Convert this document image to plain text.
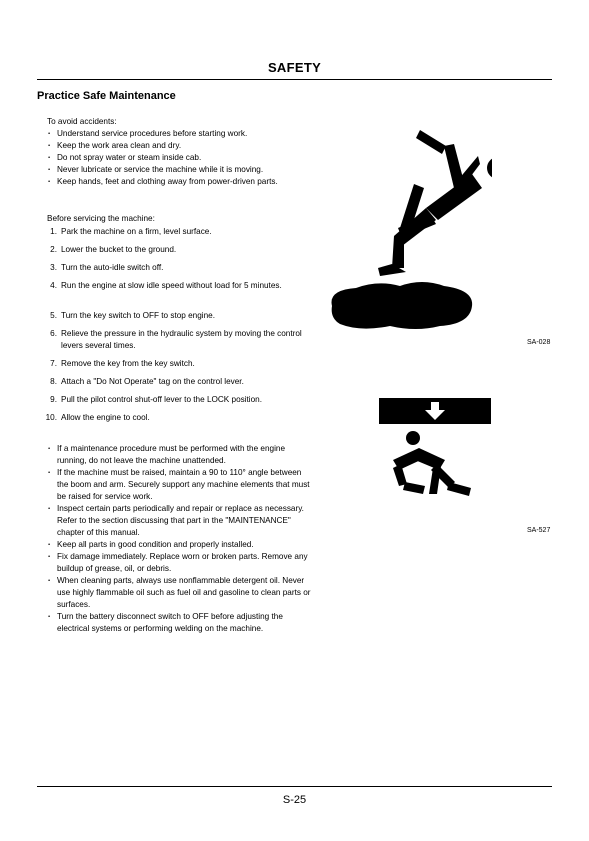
SAFETY
Practice Safe Maintenance
To avoid accidents:
・ Understand service procedures before starting work.
・ Keep the work area clean and dry.
・ Do not spray water or steam inside cab.
・ Never lubricate or service the machine while it is moving.
・ Keep hands, feet and clothing away from power-driven parts.
Before servicing the machine:
1. Park the machine on a firm, level surface.
2. Lower the bucket to the ground.
3. Turn the auto-idle switch off.
4. Run the engine at slow idle speed without load for 5 minutes.
5. Turn the key switch to OFF to stop engine.
6. Relieve the pressure in the hydraulic system by moving the control levers several times.
7. Remove the key from the key switch.
8. Attach a "Do Not Operate" tag on the control lever.
9. Pull the pilot control shut-off lever to the LOCK position.
10. Allow the engine to cool.
・ If a maintenance procedure must be performed with the engine running, do not leave the machine unattended.
・ If the machine must be raised, maintain a 90 to 110° angle between the boom and arm. Securely support any machine elements that must be raised for service work.
・ Inspect certain parts periodically and repair or replace as necessary. Refer to the section discussing that part in the "MAINTENANCE" chapter of this manual.
・ Keep all parts in good condition and properly installed.
・ Fix damage immediately. Replace worn or broken parts. Remove any buildup of grease, oil, or debris.
・ When cleaning parts, always use nonflammable detergent oil. Never use highly flammable oil such as fuel oil and gasoline to clean parts or surfaces.
・ Turn the battery disconnect switch to OFF before adjusting the electrical systems or performing welding on the machine.
SA-028
SA-527
S-25
